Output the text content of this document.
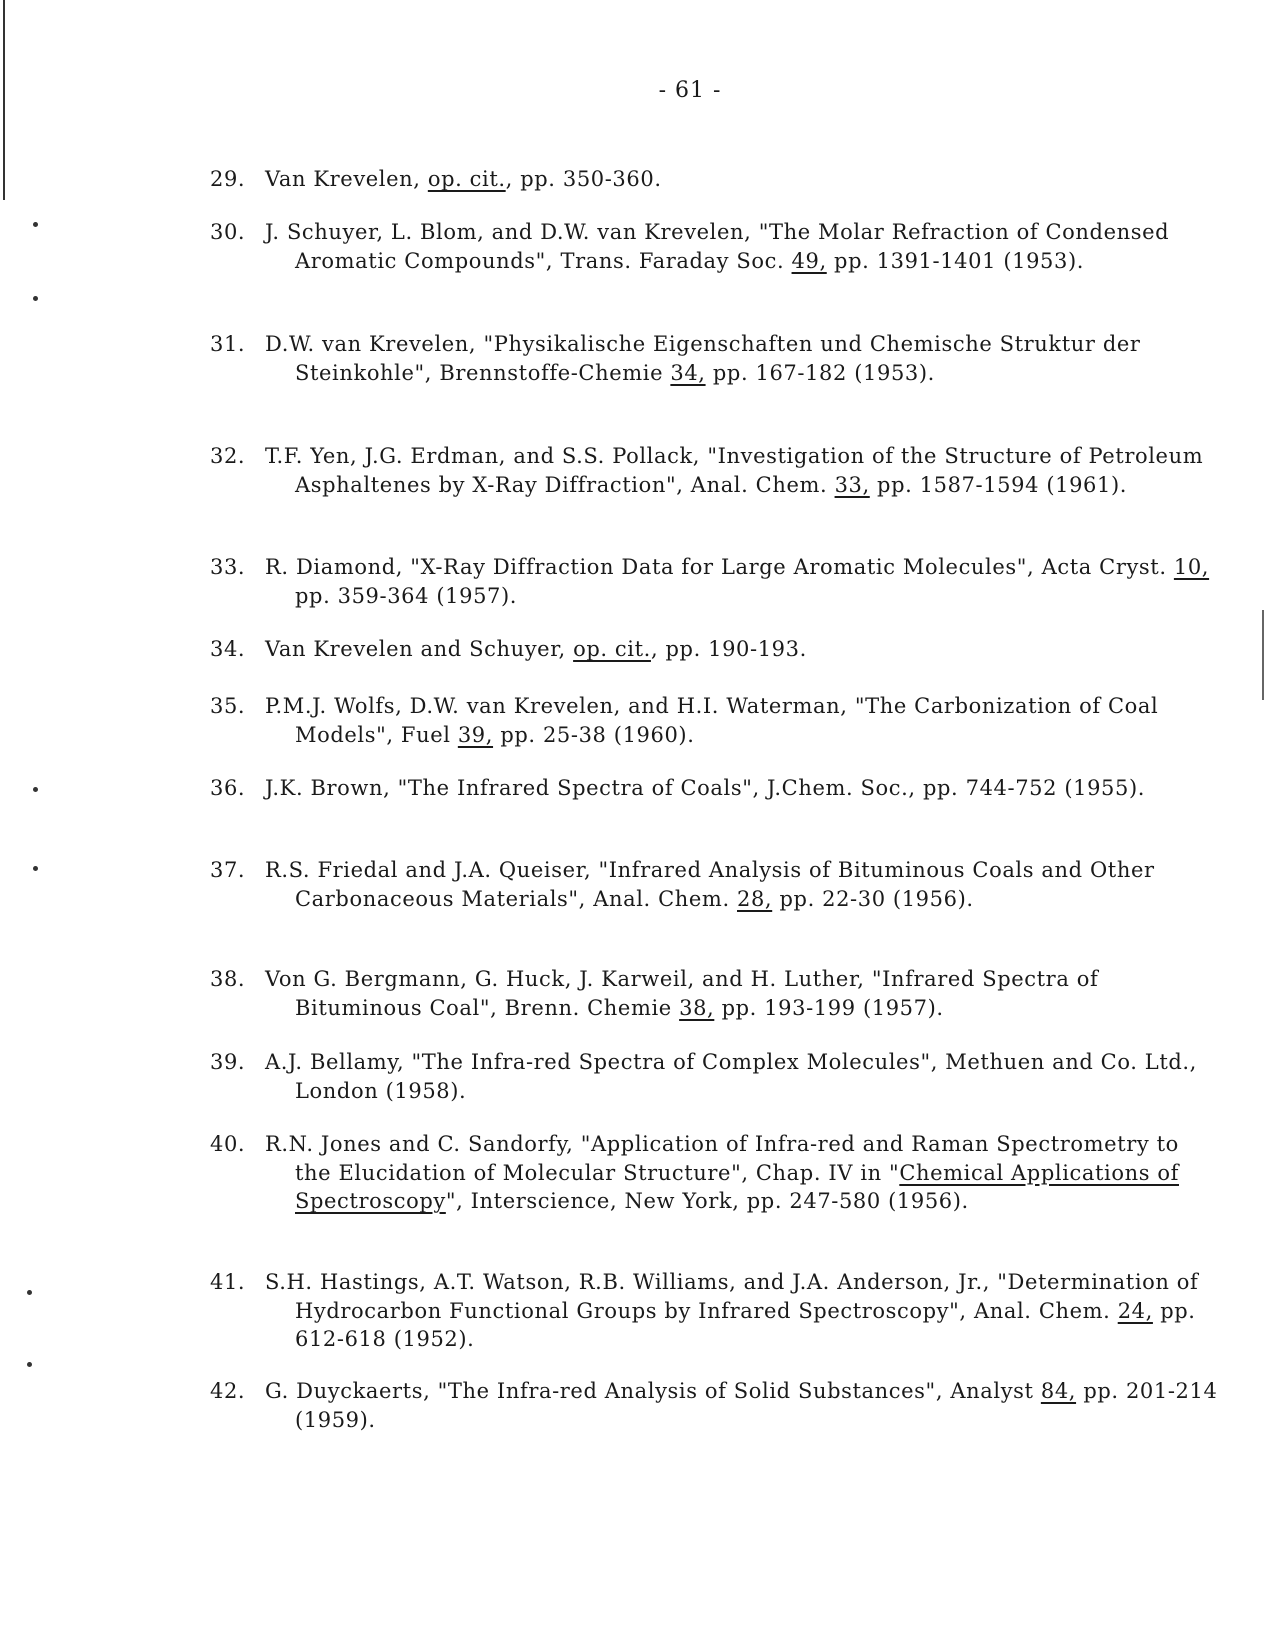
- 61 -
29. Van Krevelen, op. cit., pp. 350-360.
30. J. Schuyer, L. Blom, and D.W. van Krevelen, "The Molar Refraction of Condensed Aromatic Compounds", Trans. Faraday Soc. 49, pp. 1391-1401 (1953).
31. D.W. van Krevelen, "Physikalische Eigenschaften und Chemische Struktur der Steinkohle", Brennstoffe-Chemie 34, pp. 167-182 (1953).
32. T.F. Yen, J.G. Erdman, and S.S. Pollack, "Investigation of the Structure of Petroleum Asphaltenes by X-Ray Diffraction", Anal. Chem. 33, pp. 1587-1594 (1961).
33. R. Diamond, "X-Ray Diffraction Data for Large Aromatic Molecules", Acta Cryst. 10, pp. 359-364 (1957).
34. Van Krevelen and Schuyer, op. cit., pp. 190-193.
35. P.M.J. Wolfs, D.W. van Krevelen, and H.I. Waterman, "The Carbonization of Coal Models", Fuel 39, pp. 25-38 (1960).
36. J.K. Brown, "The Infrared Spectra of Coals", J.Chem. Soc., pp. 744-752 (1955).
37. R.S. Friedal and J.A. Queiser, "Infrared Analysis of Bituminous Coals and Other Carbonaceous Materials", Anal. Chem. 28, pp. 22-30 (1956).
38. Von G. Bergmann, G. Huck, J. Karweil, and H. Luther, "Infrared Spectra of Bituminous Coal", Brenn. Chemie 38, pp. 193-199 (1957).
39. A.J. Bellamy, "The Infra-red Spectra of Complex Molecules", Methuen and Co. Ltd., London (1958).
40. R.N. Jones and C. Sandorfy, "Application of Infra-red and Raman Spectrometry to the Elucidation of Molecular Structure", Chap. IV in "Chemical Applications of Spectroscopy", Interscience, New York, pp. 247-580 (1956).
41. S.H. Hastings, A.T. Watson, R.B. Williams, and J.A. Anderson, Jr., "Determination of Hydrocarbon Functional Groups by Infrared Spectroscopy", Anal. Chem. 24, pp. 612-618 (1952).
42. G. Duyckaerts, "The Infra-red Analysis of Solid Substances", Analyst 84, pp. 201-214 (1959).
